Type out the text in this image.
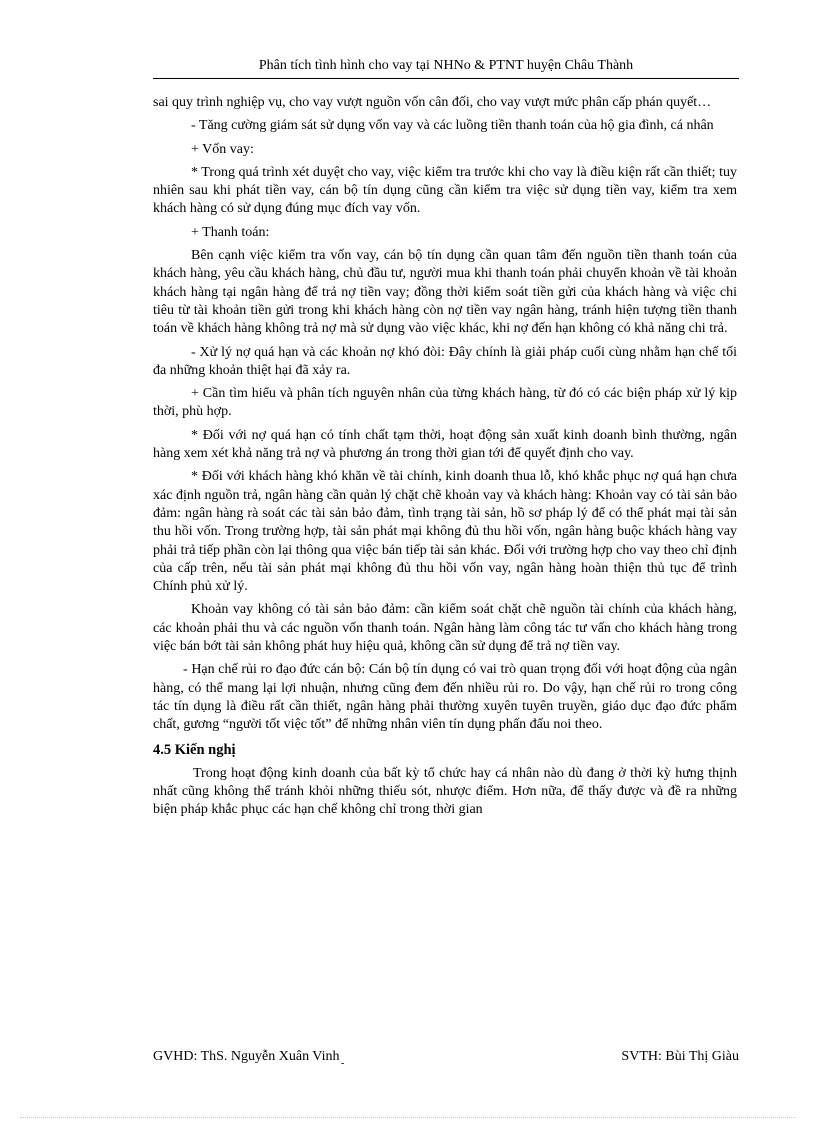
Phân tích tình hình cho vay tại NHNo & PTNT huyện Châu Thành

sai quy trình nghiệp vụ, cho vay vượt nguồn vốn cân đối, cho vay vượt mức phân cấp phán quyết…

- Tăng cường giám sát sử dụng vốn vay và các luồng tiền thanh toán của hộ gia đình, cá nhân

+ Vốn vay:

* Trong quá trình xét duyệt cho vay, việc kiểm tra trước khi cho vay là điều kiện rất cần thiết; tuy nhiên sau khi phát tiền vay, cán bộ tín dụng cũng cần kiểm tra việc sử dụng tiền vay, kiểm tra xem khách hàng có sử dụng đúng mục đích vay vốn.

+ Thanh toán:

Bên cạnh việc kiểm tra vốn vay, cán bộ tín dụng cần quan tâm đến nguồn tiền thanh toán của khách hàng, yêu cầu khách hàng, chủ đầu tư, người mua khi thanh toán phải chuyển khoản về tài khoản khách hàng tại ngân hàng để trả nợ tiền vay; đồng thời kiểm soát tiền gửi của khách hàng và việc chi tiêu từ tài khoản tiền gửi trong khi khách hàng còn nợ tiền vay ngân hàng, tránh hiện tượng tiền thanh toán về khách hàng không trả nợ mà sử dụng vào việc khác, khi nợ đến hạn không có khả năng chi trả.

- Xử lý nợ quá hạn và các khoản nợ khó đòi: Đây chính là giải pháp cuối cùng nhằm hạn chế tối đa những khoản thiệt hại đã xảy ra.

+ Cần tìm hiểu và phân tích nguyên nhân của từng khách hàng, từ đó có các biện pháp xử lý kịp thời, phù hợp.

* Đối với nợ quá hạn có tính chất tạm thời, hoạt động sản xuất kinh doanh bình thường, ngân hàng xem xét khả năng trả nợ và phương án trong thời gian tới để quyết định cho vay.

* Đối với khách hàng khó khăn về tài chính, kinh doanh thua lỗ, khó khắc phục nợ quá hạn chưa xác định nguồn trả, ngân hàng cần quản lý chặt chẽ khoản vay và khách hàng: Khoản vay có tài sản bảo đảm: ngân hàng rà soát các tài sản bảo đảm, tình trạng tài sản, hồ sơ pháp lý để có thể phát mại tài sản thu hồi vốn. Trong trường hợp, tài sản phát mại không đủ thu hồi vốn, ngân hàng buộc khách hàng vay phải trả tiếp phần còn lại thông qua việc bán tiếp tài sản khác. Đối với trường hợp cho vay theo chỉ định của cấp trên, nếu tài sản phát mại không đủ thu hồi vốn vay, ngân hàng hoàn thiện thủ tục để trình Chính phủ xử lý.

Khoản vay không có tài sản bảo đảm: cần kiểm soát chặt chẽ nguồn tài chính của khách hàng, các khoản phải thu và các nguồn vốn thanh toán. Ngân hàng làm công tác tư vấn cho khách hàng trong việc bán bớt tài sản không phát huy hiệu quả, không cần sử dụng để trả nợ tiền vay.

- Hạn chế rủi ro đạo đức cán bộ: Cán bộ tín dụng có vai trò quan trọng đối với hoạt động của ngân hàng, có thể mang lại lợi nhuận, nhưng cũng đem đến nhiều rủi ro. Do vậy, hạn chế rủi ro trong công tác tín dụng là điều rất cần thiết, ngân hàng phải thường xuyên tuyên truyền, giáo dục đạo đức phẩm chất, gương “người tốt việc tốt” để những nhân viên tín dụng phấn đấu noi theo.

4.5 Kiến nghị

Trong hoạt động kinh doanh của bất kỳ tổ chức hay cá nhân nào dù đang ở thời kỳ hưng thịnh nhất cũng không thể tránh khỏi những thiếu sót, nhược điểm. Hơn nữa, để thấy được và đề ra những biện pháp khắc phục các hạn chế không chỉ trong thời gian

GVHD: ThS. Nguyễn Xuân Vinh	SVTH: Bùi Thị Giàu
-
